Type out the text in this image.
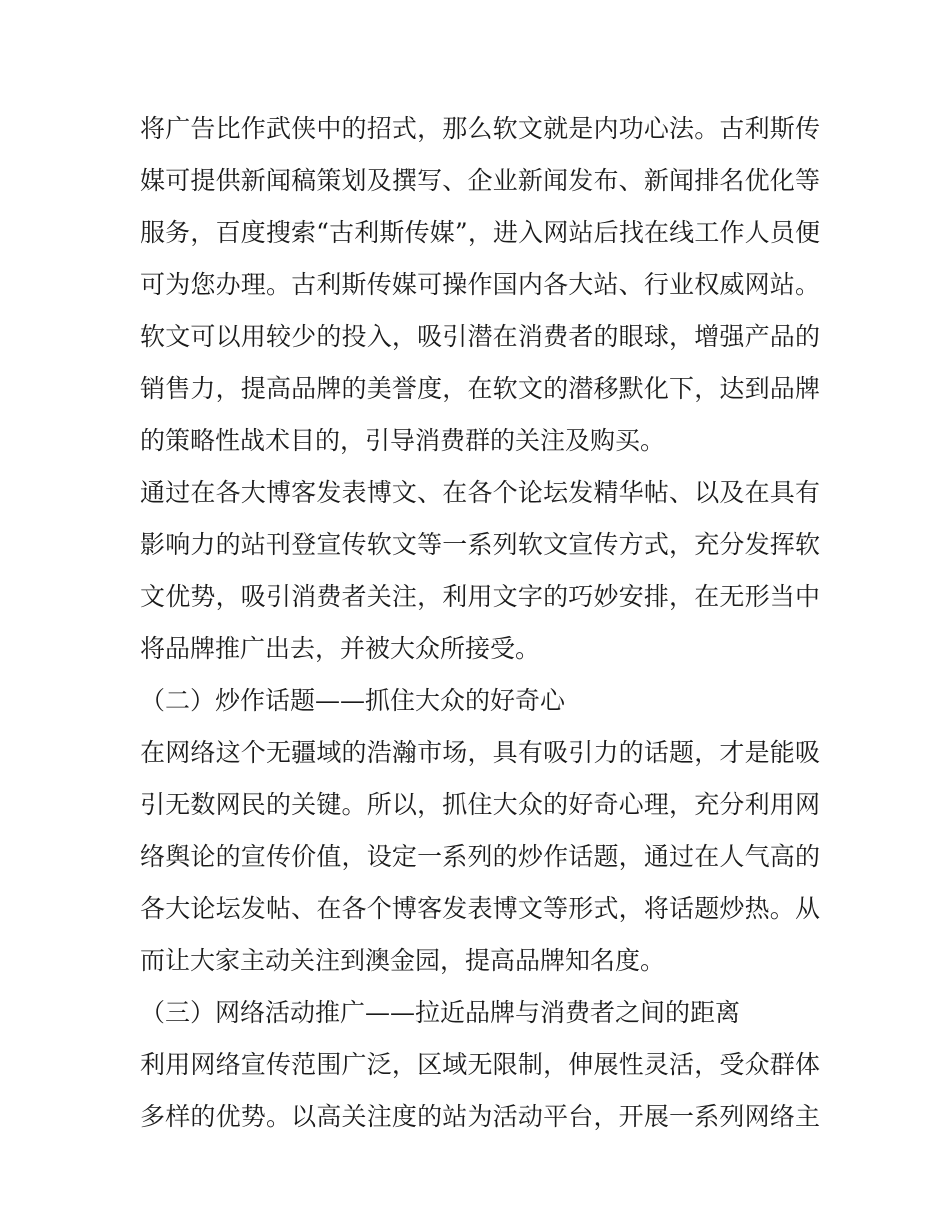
将广告比作武侠中的招式，那么软文就是内功心法。古利斯传
媒可提供新闻稿策划及撰写、企业新闻发布、新闻排名优化等
服务，百度搜索“古利斯传媒”，进入网站后找在线工作人员便
可为您办理。古利斯传媒可操作国内各大站、行业权威网站。
软文可以用较少的投入，吸引潜在消费者的眼球，增强产品的
销售力，提高品牌的美誉度，在软文的潜移默化下，达到品牌
的策略性战术目的，引导消费群的关注及购买。
通过在各大博客发表博文、在各个论坛发精华帖、以及在具有
影响力的站刊登宣传软文等一系列软文宣传方式，充分发挥软
文优势，吸引消费者关注，利用文字的巧妙安排，在无形当中
将品牌推广出去，并被大众所接受。
（二）炒作话题——抓住大众的好奇心
在网络这个无疆域的浩瀚市场，具有吸引力的话题，才是能吸
引无数网民的关键。所以，抓住大众的好奇心理，充分利用网
络舆论的宣传价值，设定一系列的炒作话题，通过在人气高的
各大论坛发帖、在各个博客发表博文等形式，将话题炒热。从
而让大家主动关注到澳金园，提高品牌知名度。
（三）网络活动推广——拉近品牌与消费者之间的距离
利用网络宣传范围广泛，区域无限制，伸展性灵活，受众群体
多样的优势。以高关注度的站为活动平台，开展一系列网络主
